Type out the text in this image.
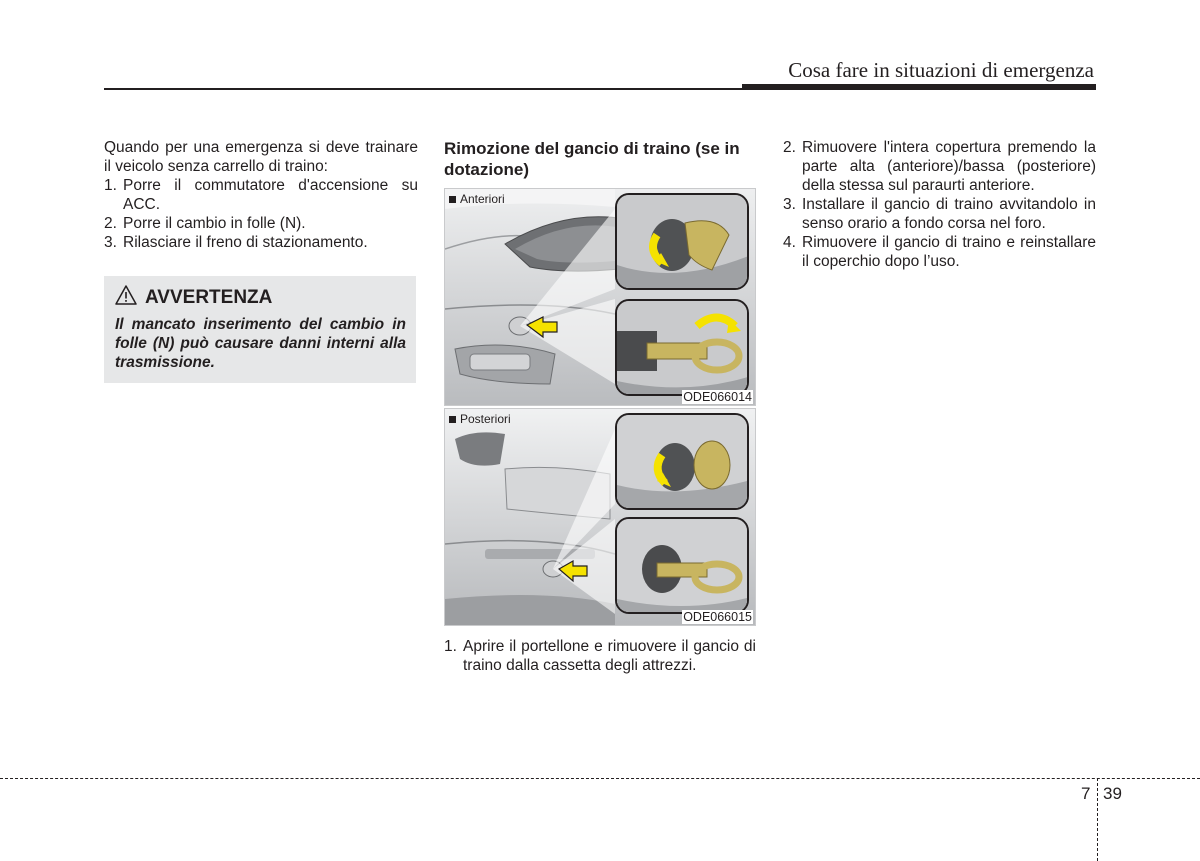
Cosa fare in situazioni di emergenza

Quando per una emergenza si deve trainare il veicolo senza carrello di traino:

1. Porre il commutatore d'accensione su ACC.
2. Porre il cambio in folle (N).
3. Rilasciare il freno di stazionamento.
AVVERTENZA

Il mancato inserimento del cambio in folle (N) può causare danni interni alla trasmissione.

Rimozione del gancio di traino (se in dotazione)

Anteriori
ODE066014
Posteriori
ODE066015
1. Aprire il portellone e rimuovere il gancio di traino dalla cassetta degli attrezzi.
2. Rimuovere l'intera copertura premendo la parte alta (anteriore)/bassa (posteriore) della stessa sul paraurti anteriore.
3. Installare il gancio di traino avvitandolo in senso orario a fondo corsa nel foro.
4. Rimuovere il gancio di traino e reinstallare il coperchio dopo l’uso.
7 39
